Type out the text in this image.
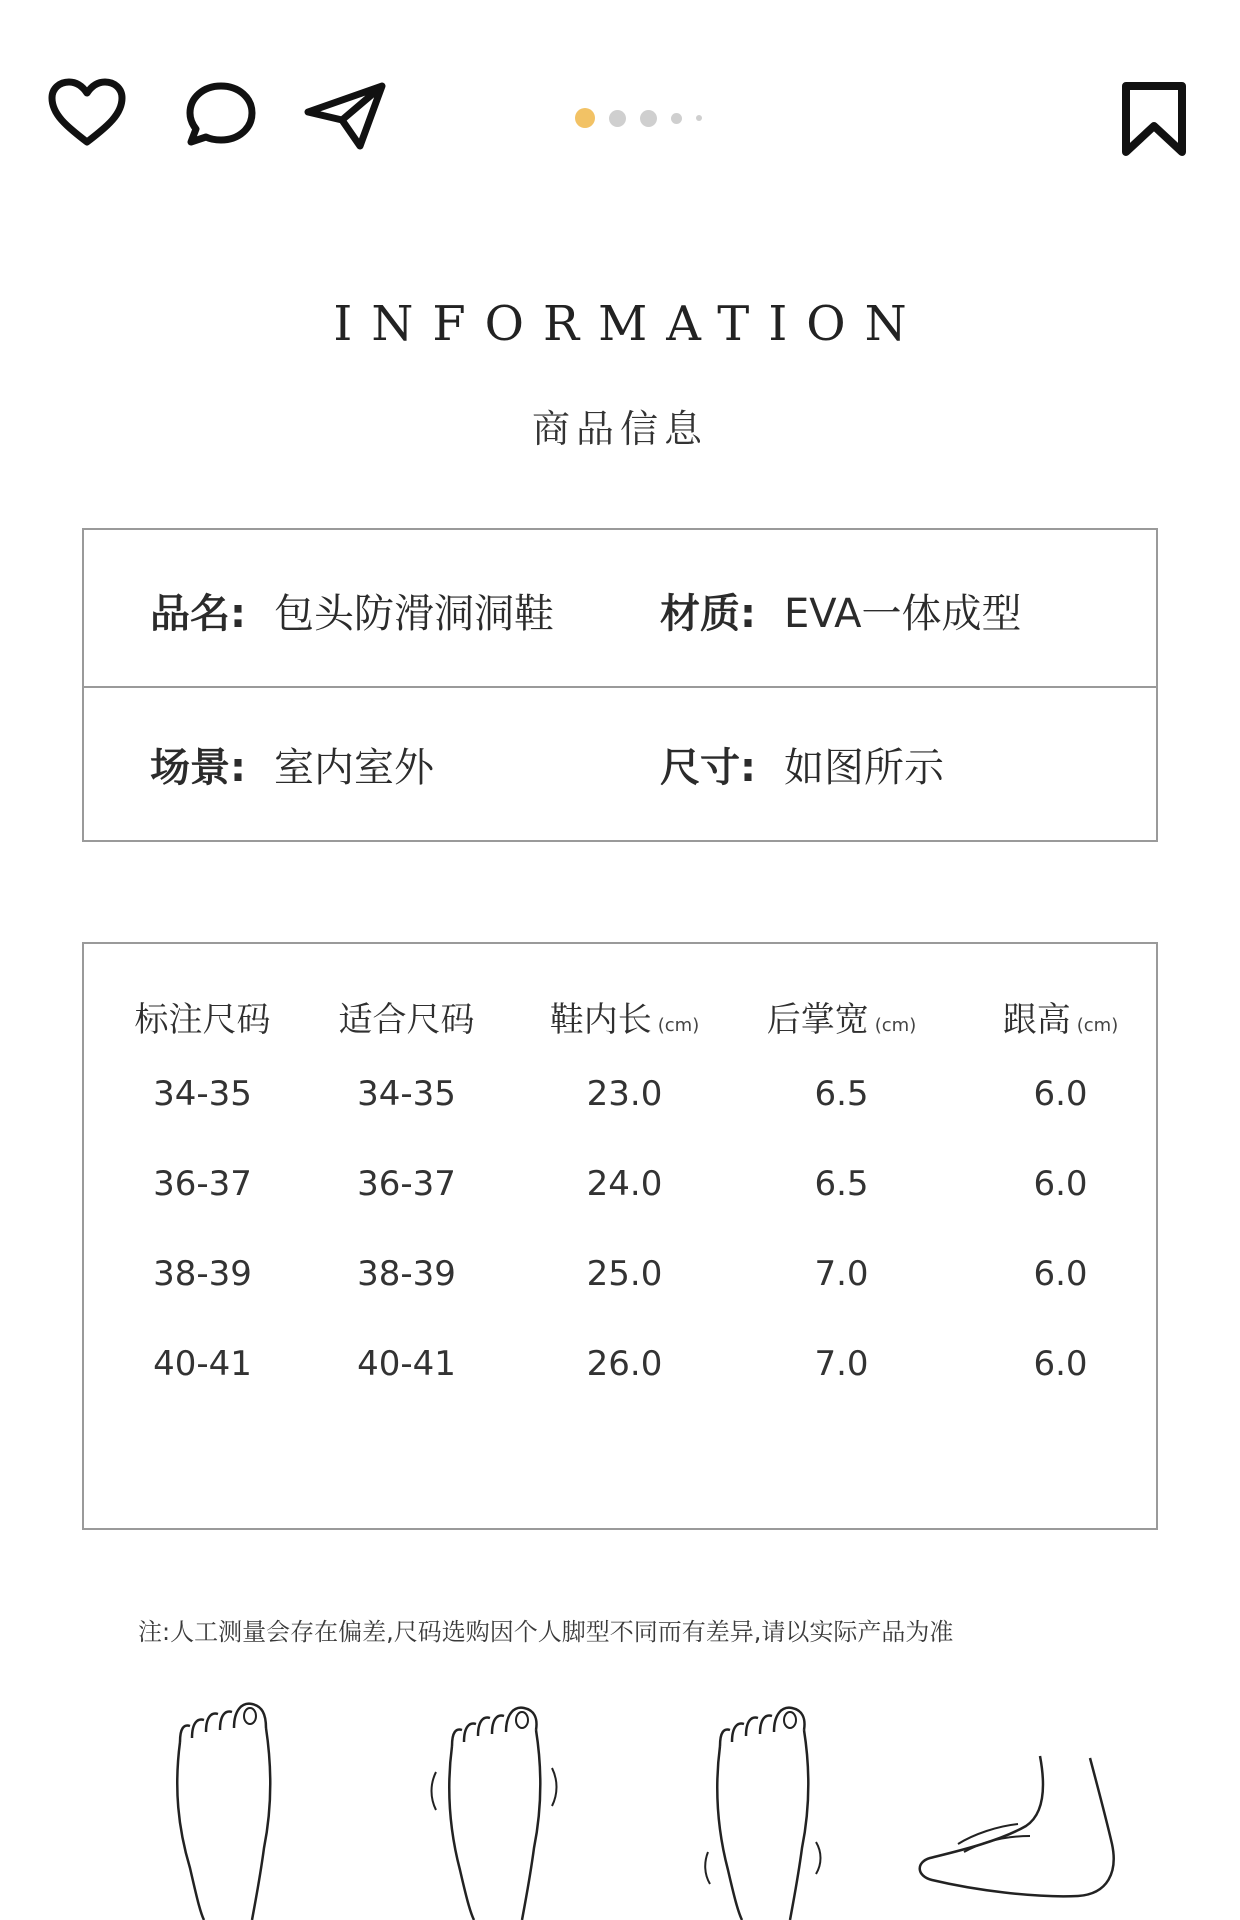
INFORMATION
商品信息
品名: 包头防滑洞洞鞋	材质: EVA一体成型
场景: 室内室外	尺寸: 如图所示
标注尺码	适合尺码	鞋内长 (cm)	后掌宽 (cm)	跟高 (cm)
34-35	34-35	23.0	6.5	6.0
36-37	36-37	24.0	6.5	6.0
38-39	38-39	25.0	7.0	6.0
40-41	40-41	26.0	7.0	6.0
注:人工测量会存在偏差,尺码选购因个人脚型不同而有差异,请以实际产品为准
